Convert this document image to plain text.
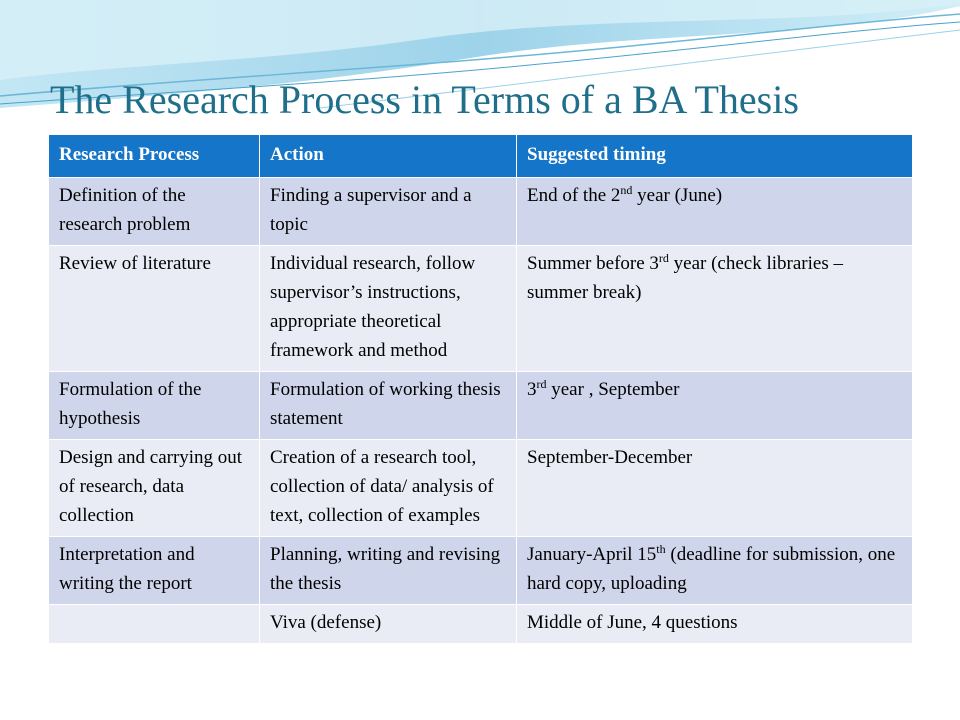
The Research Process in Terms of a BA Thesis
Research Process	Action	Suggested timing
Definition of the research problem	Finding a supervisor and a topic	End of the 2nd year (June)
Review of literature	Individual research, follow supervisor’s instructions, appropriate theoretical framework and method	Summer before 3rd year (check libraries – summer break)
Formulation of the hypothesis	Formulation of working thesis statement	3rd year , September
Design and carrying out of research, data collection	Creation of a research tool, collection of data/ analysis of text, collection of examples	September-December
Interpretation and writing the report	Planning, writing and revising the thesis	January-April 15th (deadline for submission, one hard copy, uploading
	Viva (defense)	Middle of June, 4 questions
